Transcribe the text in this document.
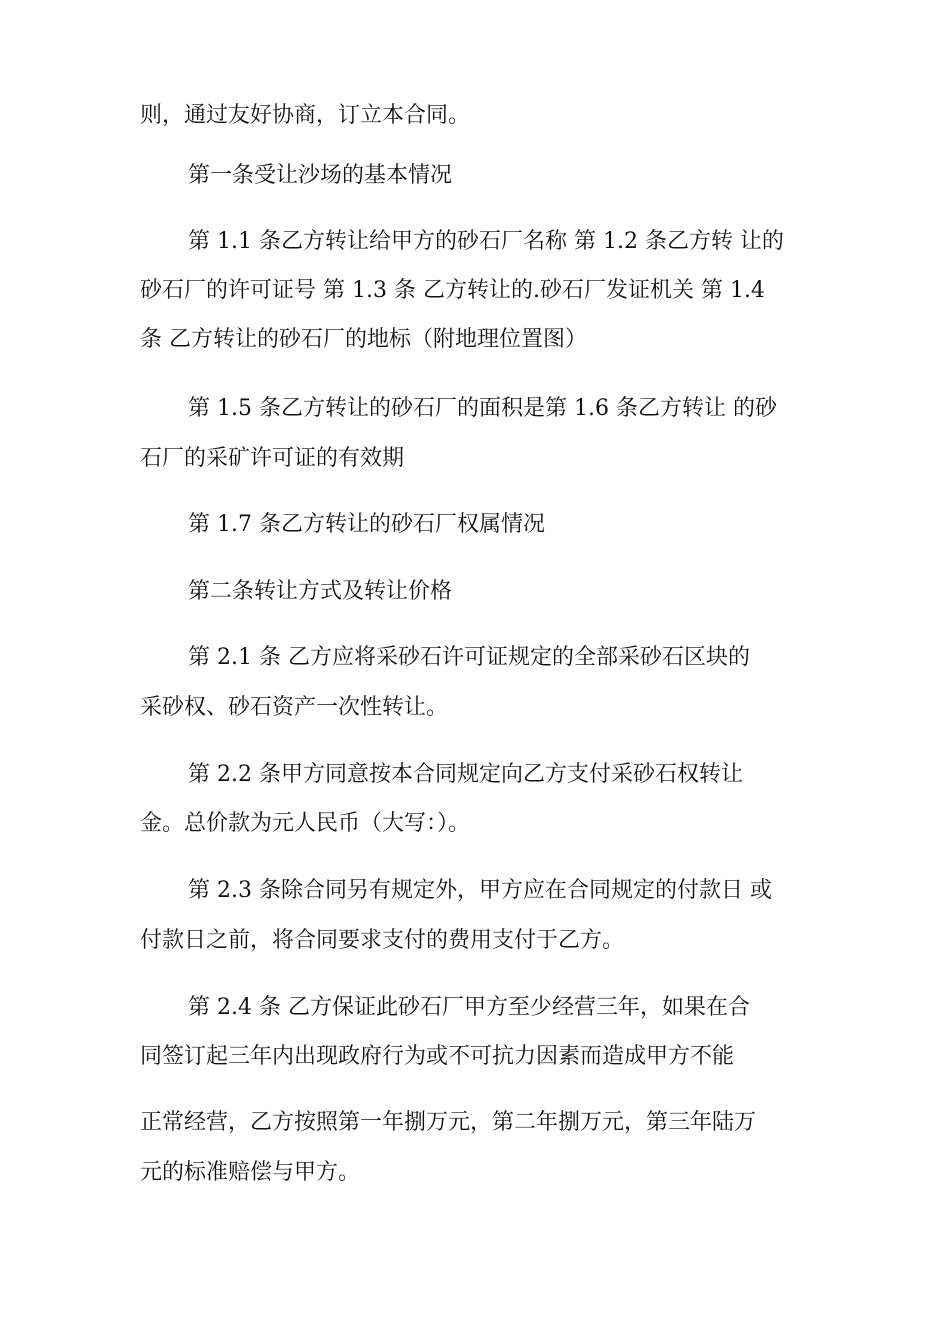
则，通过友好协商，订立本合同。

第一条受让沙场的基本情况

第 1.1 条乙方转让给甲方的砂石厂名称 第 1.2 条乙方转 让的

砂石厂的许可证号 第 1.3 条 乙方转让的.砂石厂发证机关 第 1.4

条 乙方转让的砂石厂的地标（附地理位置图）

第 1.5 条乙方转让的砂石厂的面积是第 1.6 条乙方转让 的砂

石厂的采矿许可证的有效期

第 1.7 条乙方转让的砂石厂权属情况

第二条转让方式及转让价格

第 2.1 条 乙方应将采砂石许可证规定的全部采砂石区块的

采砂权、砂石资产一次性转让。

第 2.2 条甲方同意按本合同规定向乙方支付采砂石权转让

金。总价款为元人民币（大写：）。

第 2.3 条除合同另有规定外，甲方应在合同规定的付款日 或

付款日之前，将合同要求支付的费用支付于乙方。

第 2.4 条 乙方保证此砂石厂甲方至少经营三年，如果在合

同签订起三年内出现政府行为或不可抗力因素而造成甲方不能

正常经营，乙方按照第一年捌万元，第二年捌万元，第三年陆万

元的标准赔偿与甲方。
